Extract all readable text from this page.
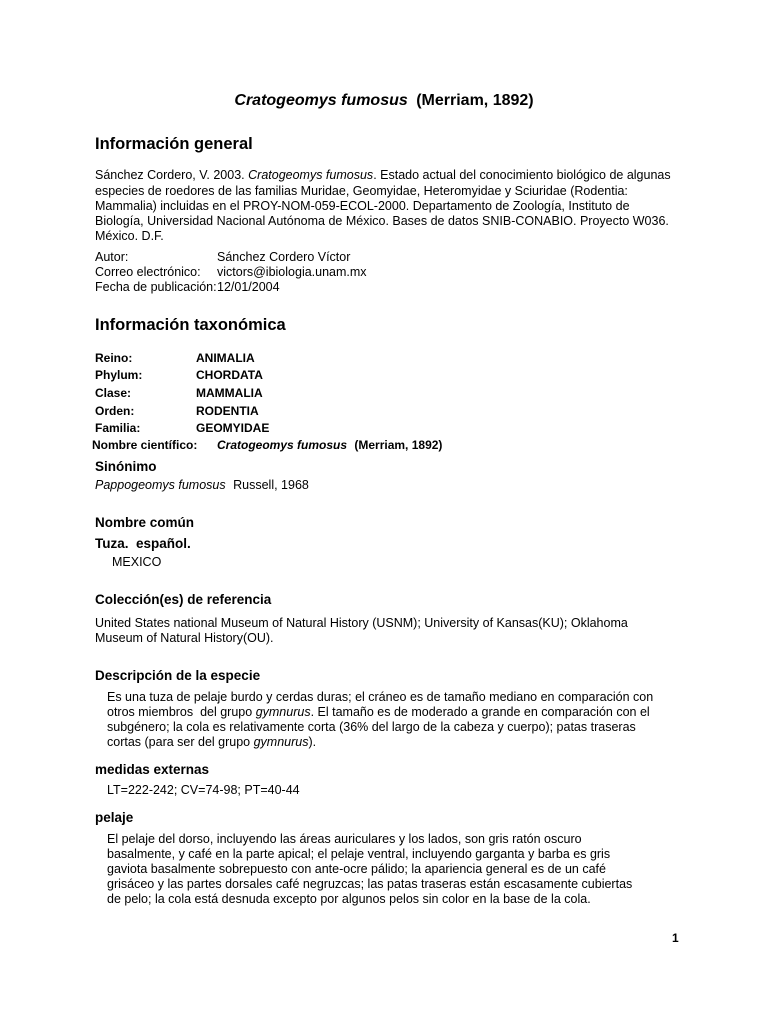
Cratogeomys fumosus (Merriam, 1892)
Información general
Sánchez Cordero, V. 2003. Cratogeomys fumosus. Estado actual del conocimiento biológico de algunas
especies de roedores de las familias Muridae, Geomyidae, Heteromyidae y Sciuridae (Rodentia:
Mammalia) incluidas en el PROY-NOM-059-ECOL-2000. Departamento de Zoología, Instituto de
Biología, Universidad Nacional Autónoma de México. Bases de datos SNIB-CONABIO. Proyecto W036.
México. D.F.
Autor:	Sánchez Cordero Víctor
Correo electrónico: victors@ibiologia.unam.mx
Fecha de publicación: 12/01/2004
Información taxonómica
Reino:	ANIMALIA
Phylum:	CHORDATA
Clase:	MAMMALIA
Orden:	RODENTIA
Familia:	GEOMYIDAE
Nombre científico: Cratogeomys fumosus (Merriam, 1892)
Sinónimo
Pappogeomys fumosus Russell, 1968
Nombre común
Tuza.  español.
MEXICO
Colección(es) de referencia
United States national Museum of Natural History (USNM); University of Kansas(KU); Oklahoma
Museum of Natural History(OU).
Descripción de la especie
Es una tuza de pelaje burdo y cerdas duras; el cráneo es de tamaño mediano en comparación con
otros miembros  del grupo gymnurus. El tamaño es de moderado a grande en comparación con el
subgénero; la cola es relativamente corta (36% del largo de la cabeza y cuerpo); patas traseras
cortas (para ser del grupo gymnurus).
medidas externas
LT=222-242; CV=74-98; PT=40-44
pelaje
El pelaje del dorso, incluyendo las áreas auriculares y los lados, son gris ratón oscuro
basalmente, y café en la parte apical; el pelaje ventral, incluyendo garganta y barba es gris
gaviota basalmente sobrepuesto con ante-ocre pálido; la apariencia general es de un café
grisáceo y las partes dorsales café negruzcas; las patas traseras están escasamente cubiertas
de pelo; la cola está desnuda excepto por algunos pelos sin color en la base de la cola.
1
